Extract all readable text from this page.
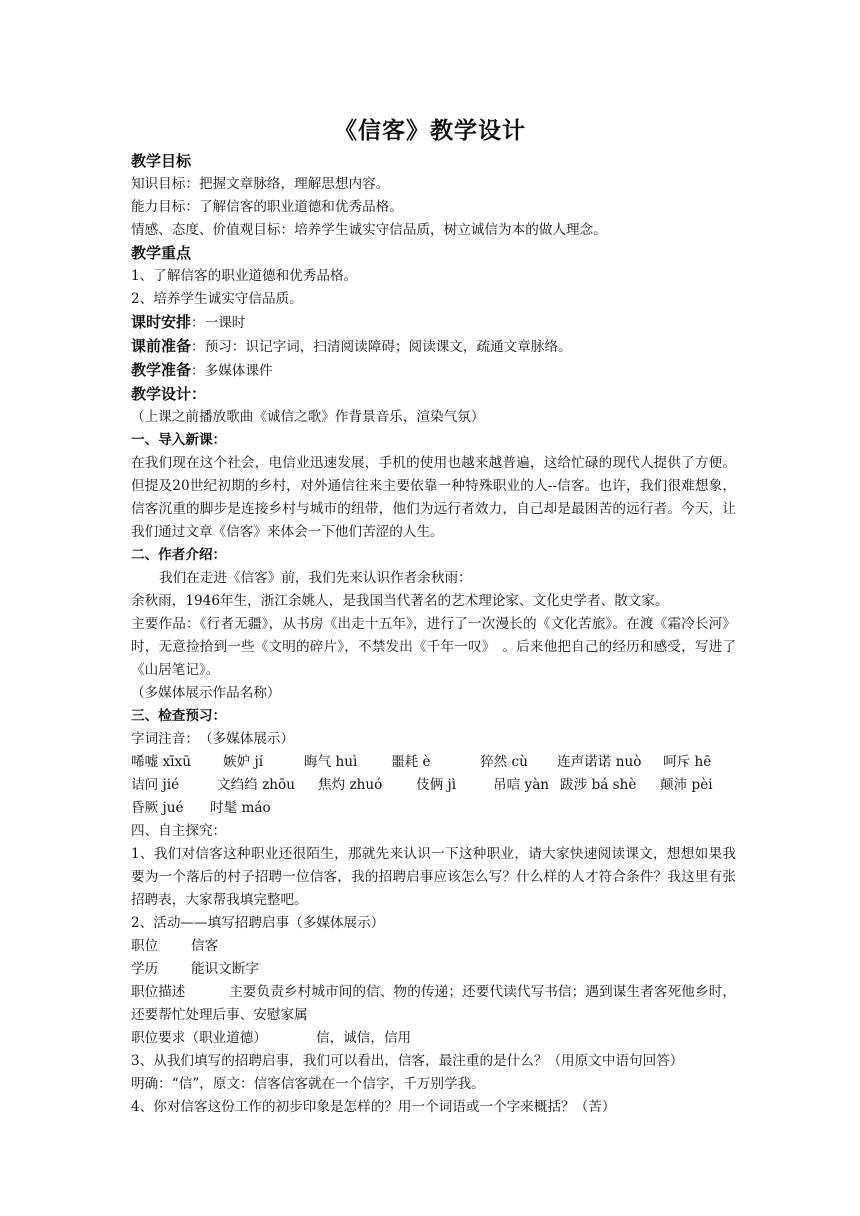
《信客》教学设计

教学目标

知识目标：把握文章脉络，理解思想内容。

能力目标：了解信客的职业道德和优秀品格。

情感、态度、价值观目标：培养学生诚实守信品质，树立诚信为本的做人理念。

教学重点

1、了解信客的职业道德和优秀品格。

2、培养学生诚实守信品质。

课时安排：一课时

课前准备：预习：识记字词，扫清阅读障碍；阅读课文，疏通文章脉络。

教学准备：多媒体课件

教学设计：

（上课之前播放歌曲《诚信之歌》作背景音乐，渲染气氛）

一、导入新课：

在我们现在这个社会，电信业迅速发展，手机的使用也越来越普遍，这给忙碌的现代人提供了方便。但提及20世纪初期的乡村，对外通信往来主要依靠一种特殊职业的人--信客。也许，我们很难想象，信客沉重的脚步是连接乡村与城市的纽带，他们为远行者效力，自己却是最困苦的远行者。今天，让我们通过文章《信客》来体会一下他们苦涩的人生。

二、作者介绍：

我们在走进《信客》前，我们先来认识作者余秋雨：

余秋雨，1946年生，浙江余姚人，是我国当代著名的艺术理论家、文化史学者、散文家。

主要作品：《行者无疆》，从书房《出走十五年》，进行了一次漫长的《文化苦旅》。在渡《霜冷长河》时，无意捡拾到一些《文明的碎片》，不禁发出《千年一叹》　。后来他把自己的经历和感受，写进了《山居笔记》。

（多媒体展示作品名称）

三、检查预习：

字词注音：　（多媒体展示）

唏嘘 xīxū 嫉妒 jí	晦气 huì 噩耗 è	猝然 cù 连声诺诺 nuò 呵斥 hē

诘问 jié	文绉绉 zhōu 焦灼 zhuó 伎俩 jì	吊唁 yàn 跋涉 bá shè 颠沛 pèi

昏厥 jué 时髦 máo

四、自主探究：

1、我们对信客这种职业还很陌生，那就先来认识一下这种职业，请大家快速阅读课文，想想如果我要为一个落后的村子招聘一位信客，我的招聘启事应该怎么写？什么样的人才符合条件？我这里有张招聘表，大家帮我填完整吧。

2、活动——填写招聘启事（多媒体展示）

职位 信客

学历 能识文断字

职位描述	主要负责乡村城市间的信、物的传递；还要代读代写书信；遇到谋生者客死他乡时，还要帮忙处理后事、安慰家属

职位要求（职业道德）	信，诚信，信用

3、从我们填写的招聘启事，我们可以看出，信客，最注重的是什么？（用原文中语句回答）

明确：“信”，原文：信客信客就在一个信字，千万别学我。

4、你对信客这份工作的初步印象是怎样的？用一个词语或一个字来概括？（苦）
